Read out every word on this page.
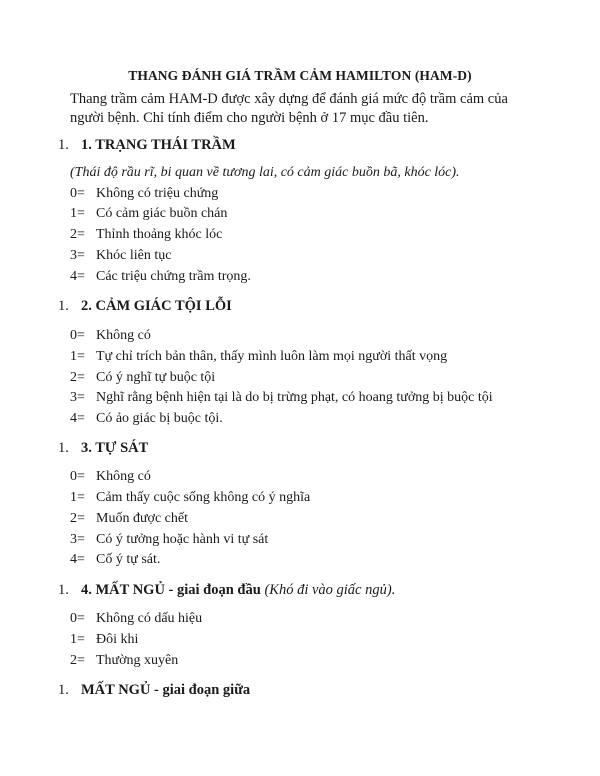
THANG ĐÁNH GIÁ TRẦM CẢM HAMILTON (HAM-D)
Thang trầm cảm HAM-D được xây dựng để đánh giá mức độ trầm cảm của người bệnh. Chỉ tính điểm cho người bệnh ở 17 mục đầu tiên.
1. 1. TRẠNG THÁI TRẦM
(Thái độ rầu rĩ, bi quan về tương lai, có cảm giác buồn bã, khóc lóc).
0= Không có triệu chứng
1= Có cảm giác buồn chán
2= Thỉnh thoảng khóc lóc
3= Khóc liên tục
4= Các triệu chứng trầm trọng.
1. 2. CẢM GIÁC TỘI LỖI
0= Không có
1= Tự chỉ trích bản thân, thấy mình luôn làm mọi người thất vọng
2= Có ý nghĩ tự buộc tội
3= Nghĩ rằng bệnh hiện tại là do bị trừng phạt, có hoang tưởng bị buộc tội
4= Có ảo giác bị buộc tội.
1. 3. TỰ SÁT
0= Không có
1= Cảm thấy cuộc sống không có ý nghĩa
2= Muốn được chết
3= Có ý tưởng hoặc hành vi tự sát
4= Cố ý tự sát.
1. 4. MẤT NGỦ - giai đoạn đầu (Khó đi vào giấc ngủ).
0= Không có dấu hiệu
1= Đôi khi
2= Thường xuyên
1. MẤT NGỦ - giai đoạn giữa
